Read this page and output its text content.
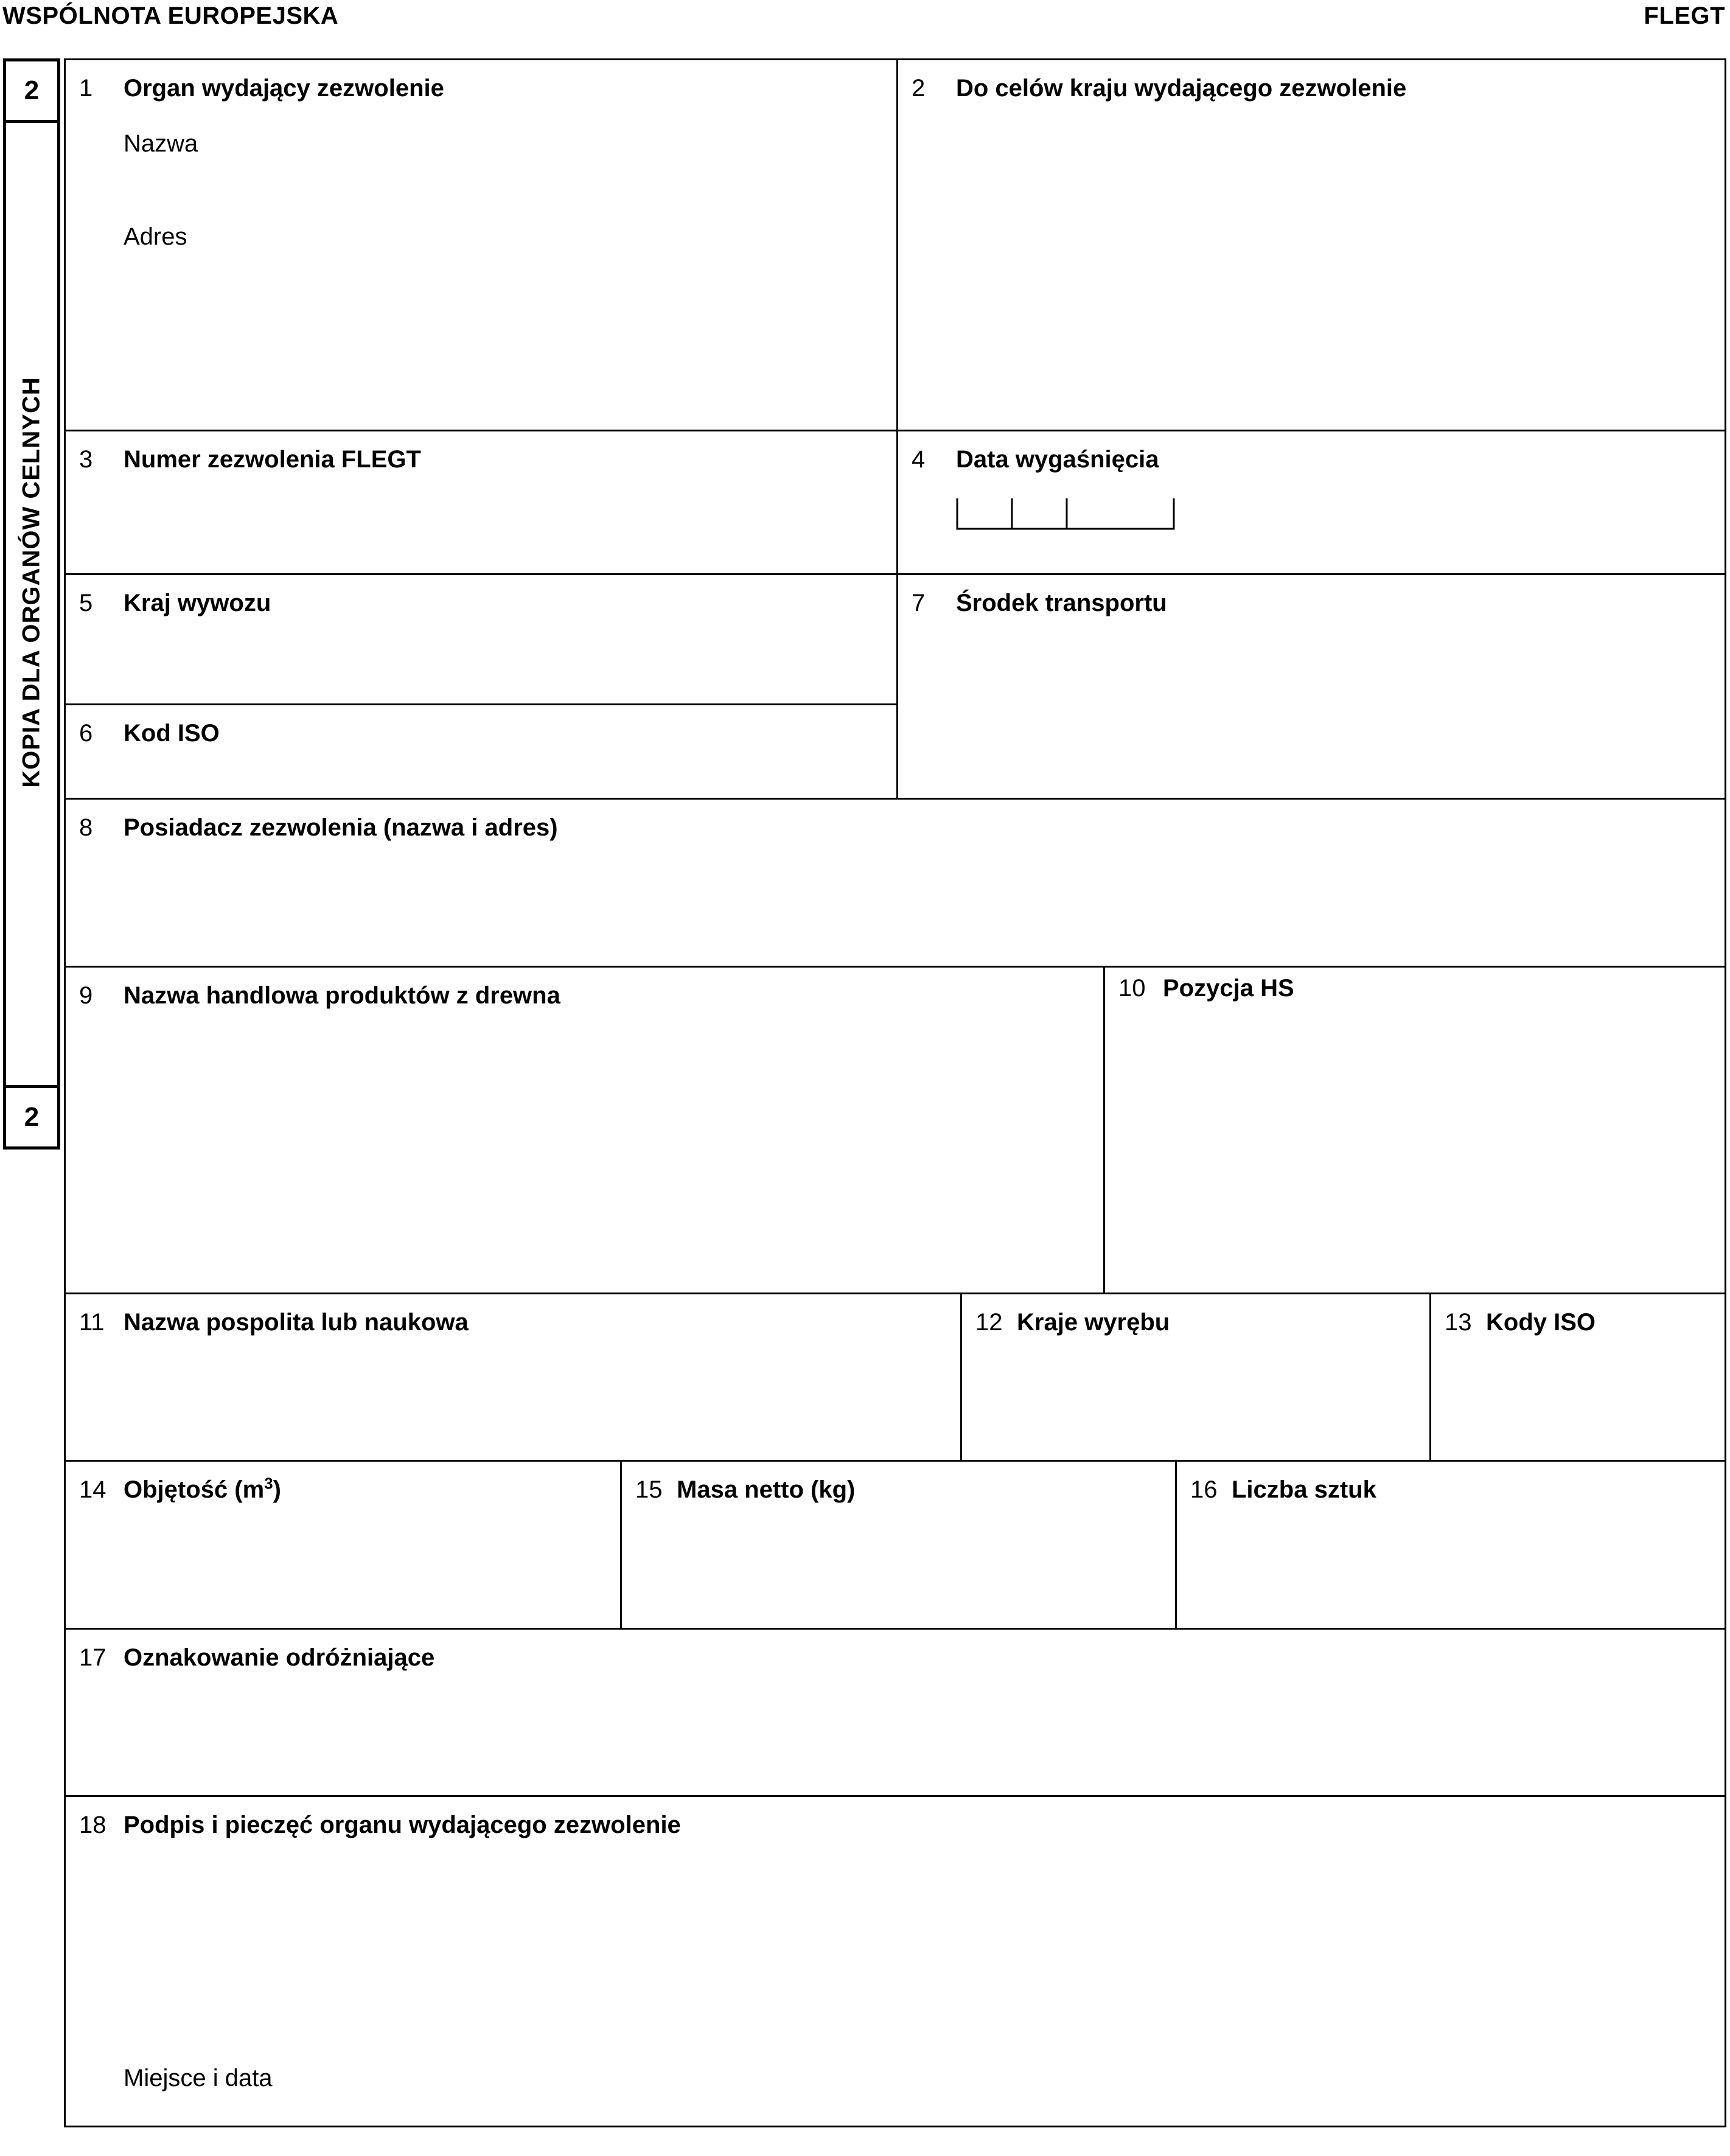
WSPÓLNOTA EUROPEJSKA	FLEGT
2
KOPIA DLA ORGANÓW CELNYCH
2
1 Organ wydający zezwolenie
Nazwa
Adres
2 Do celów kraju wydającego zezwolenie
3 Numer zezwolenia FLEGT	4 Data wygaśnięcia
5 Kraj wywozu
6 Kod ISO
7 Środek transportu
8 Posiadacz zezwolenia (nazwa i adres)
9 Nazwa handlowa produktów z drewna	10 Pozycja HS
11 Nazwa pospolita lub naukowa	12 Kraje wyrębu	13 Kody ISO
14 Objętość $(m^3)$	15 Masa netto (kg)	16 Liczba sztuk
17 Oznakowanie odróżniające
18 Podpis i pieczęć organu wydającego zezwolenie
Miejsce i data
